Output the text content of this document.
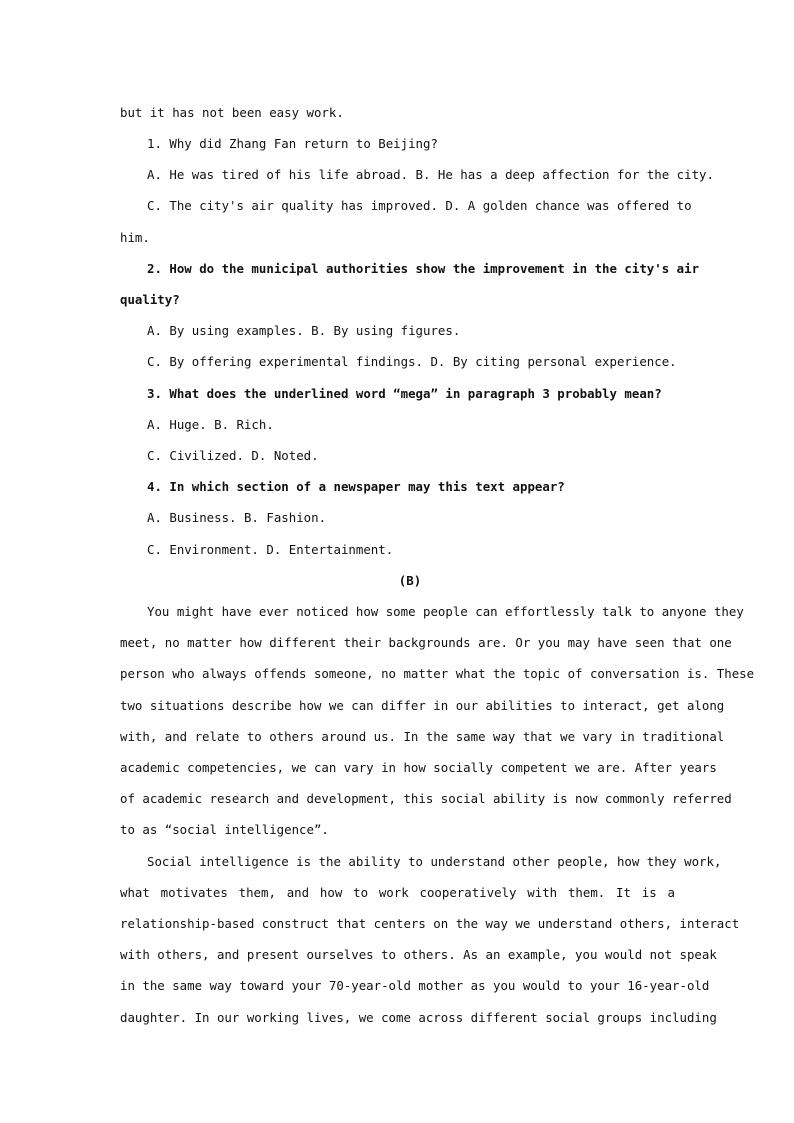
but it has not been easy work.

1. Why did Zhang Fan return to Beijing?

A. He was tired of his life abroad. B. He has a deep affection for the city.

C. The city's air quality has improved. D. A golden chance was offered to

him.

2. How do the municipal authorities show the improvement in the city's air

quality?

A. By using examples. B. By using figures.

C. By offering experimental findings. D. By citing personal experience.

3. What does the underlined word “mega” in paragraph 3 probably mean?

A. Huge. B. Rich.

C. Civilized. D. Noted.

4. In which section of a newspaper may this text appear?

A. Business. B. Fashion.

C. Environment. D. Entertainment.

(B)

You might have ever noticed how some people can effortlessly talk to anyone they

meet, no matter how different their backgrounds are. Or you may have seen that one

person who always offends someone, no matter what the topic of conversation is. These

two situations describe how we can differ in our abilities to interact, get along

with, and relate to others around us. In the same way that we vary in traditional

academic competencies, we can vary in how socially competent we are. After years

of academic research and development, this social ability is now commonly referred

to as “social intelligence”.

Social intelligence is the ability to understand other people, how they work,

what motivates them, and how to work cooperatively with them. It is a

relationship-based construct that centers on the way we understand others, interact

with others, and present ourselves to others. As an example, you would not speak

in the same way toward your 70-year-old mother as you would to your 16-year-old

daughter. In our working lives, we come across different social groups including
